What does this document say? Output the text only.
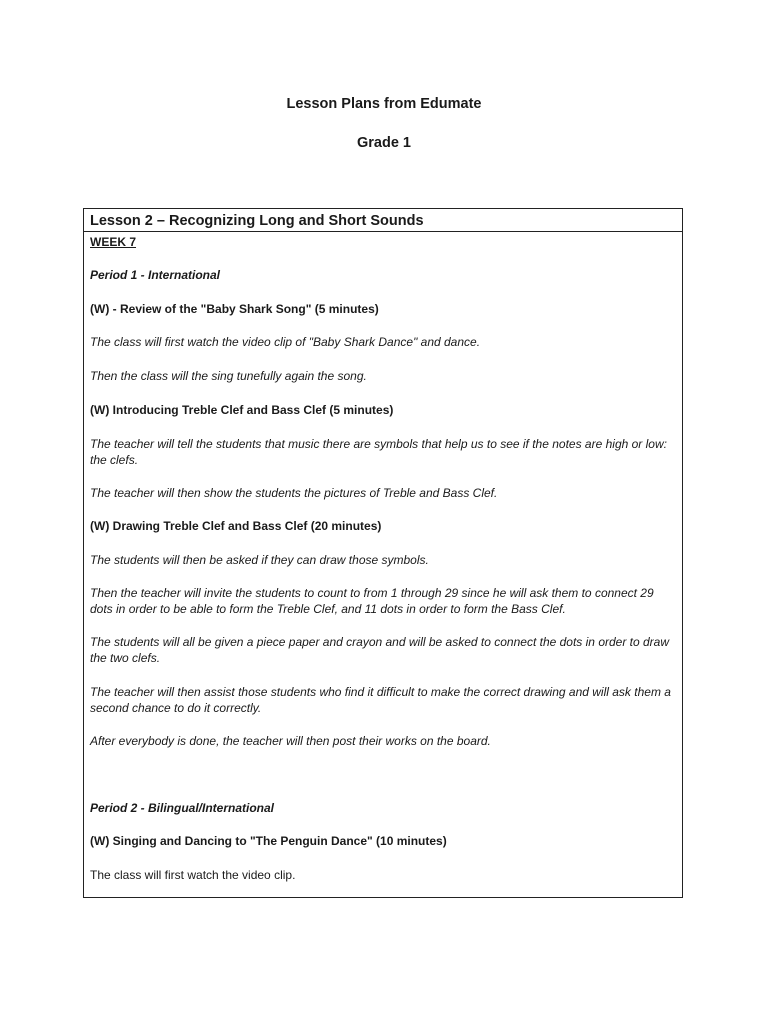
Lesson Plans from Edumate
Grade 1
Lesson 2 – Recognizing Long and Short Sounds
WEEK 7
Period 1 - International
(W) - Review of the "Baby Shark Song" (5 minutes)
The class will first watch the video clip of "Baby Shark Dance" and dance.
Then the class will the sing tunefully again the song.
(W) Introducing Treble Clef and Bass Clef (5 minutes)
The teacher will tell the students that music there are symbols that help us to see if the notes are high or low: the clefs.
The teacher will then show the students the pictures of Treble and Bass Clef.
(W) Drawing Treble Clef and Bass Clef (20 minutes)
The students will then be asked if they can draw those symbols.
Then the teacher will invite the students to count to from 1 through 29 since he will ask them to connect 29 dots in order to be able to form the Treble Clef, and 11 dots in order to form the Bass Clef.
The students will all be given a piece paper and crayon and will be asked to connect the dots in order to draw the two clefs.
The teacher will then assist those students who find it difficult to make the correct drawing and will ask them a second chance to do it correctly.
After everybody is done, the teacher will then post their works on the board.
Period 2 - Bilingual/International
(W) Singing and Dancing to "The Penguin Dance" (10 minutes)
The class will first watch the video clip.
